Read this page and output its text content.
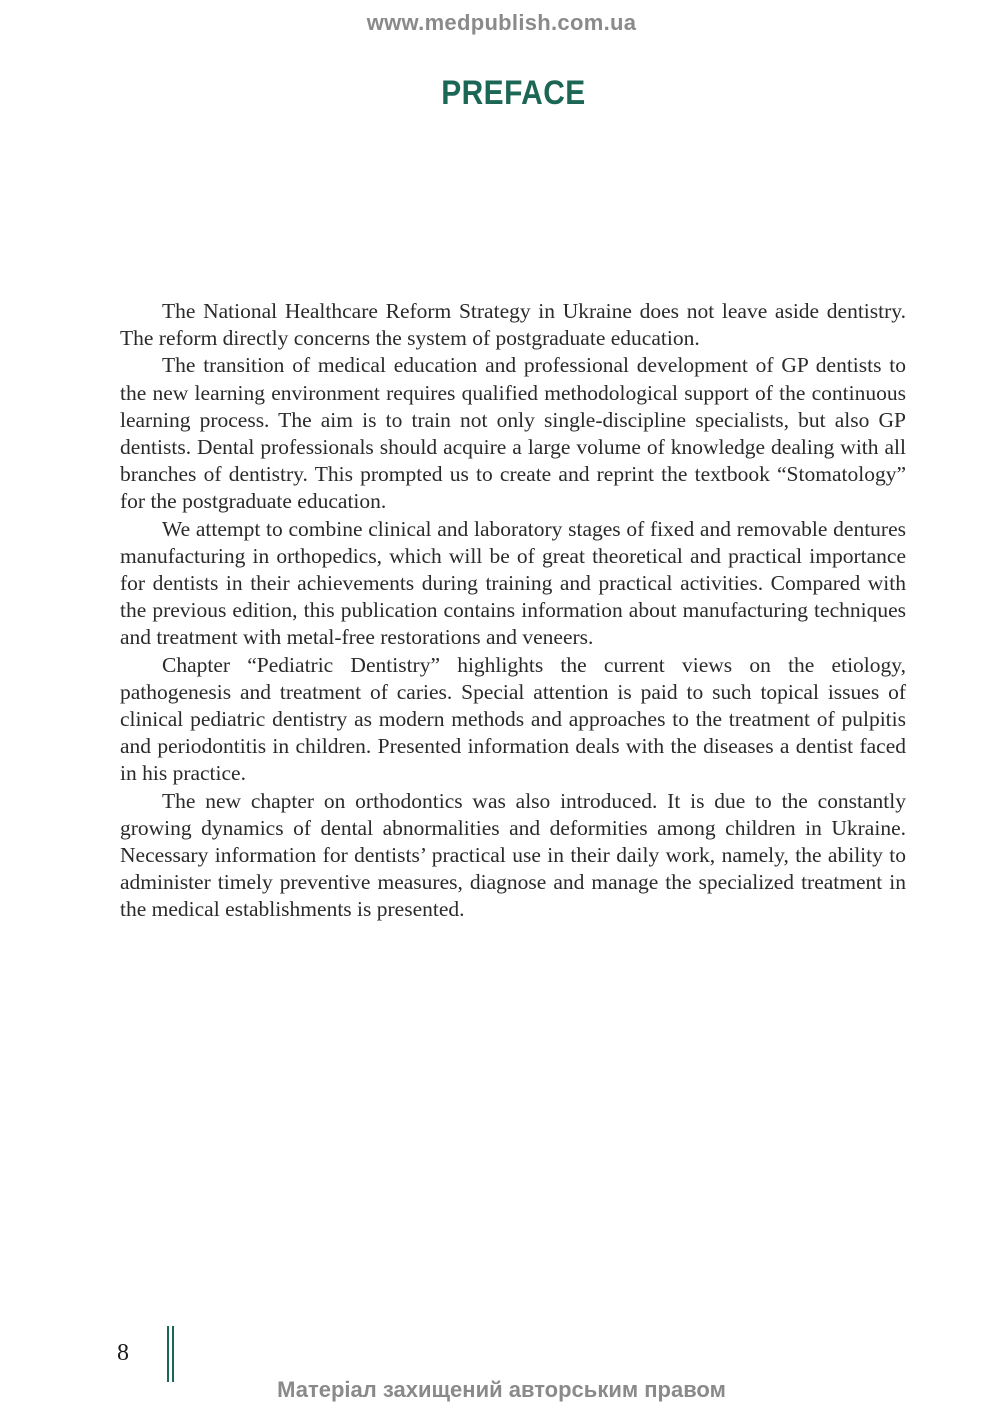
www.medpublish.com.ua
PREFACE

The National Healthcare Reform Strategy in Ukraine does not leave aside dentistry. The reform directly concerns the system of postgraduate education.

The transition of medical education and professional development of GP dentists to the new learning environment requires qualified methodological support of the continuous learning process. The aim is to train not only single-discipline specialists, but also GP dentists. Dental professionals should acquire a large volume of knowledge dealing with all branches of dentistry. This prompted us to create and reprint the textbook “Stomatology” for the postgraduate education.

We attempt to combine clinical and laboratory stages of fixed and removable dentures manufacturing in orthopedics, which will be of great theoretical and practical importance for dentists in their achievements during training and practical activities. Compared with the previous edition, this publication contains information about manufacturing techniques and treatment with metal-free restorations and veneers.

Chapter “Pediatric Dentistry” highlights the current views on the etiology, pathogenesis and treatment of caries. Special attention is paid to such topical issues of clinical pediatric dentistry as modern methods and approaches to the treatment of pulpitis and periodontitis in children. Presented information deals with the diseases a dentist faced in his practice.

The new chapter on orthodontics was also introduced. It is due to the constantly growing dynamics of dental abnormalities and deformities among children in Ukraine. Necessary information for dentists’ practical use in their daily work, namely, the ability to administer timely preventive measures, diagnose and manage the specialized treatment in the medical establishments is presented.

8
Матеріал захищений авторським правом
